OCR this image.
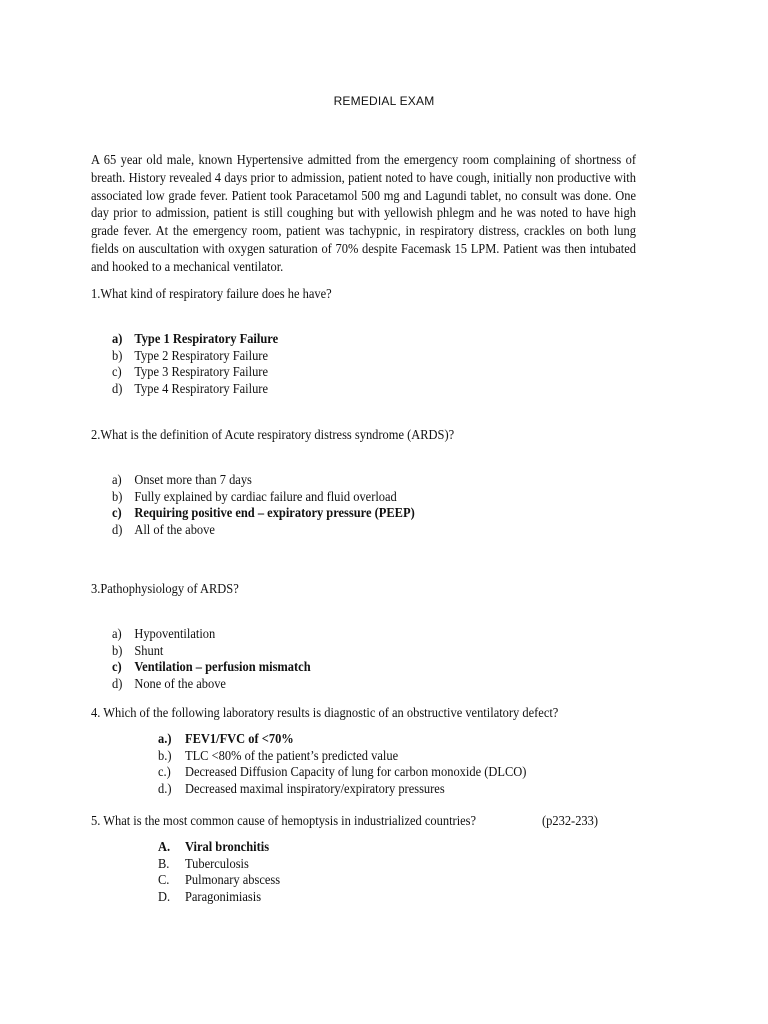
REMEDIAL EXAM
A 65 year old male, known Hypertensive admitted from the emergency room complaining of shortness of breath. History revealed 4 days prior to admission, patient noted to have cough, initially non productive with associated low grade fever. Patient took Paracetamol 500 mg and Lagundi tablet, no consult was done. One day prior to admission, patient is still coughing but with yellowish phlegm and he was noted to have high grade fever. At the emergency room, patient was tachypnic, in respiratory distress, crackles on both lung fields on auscultation with oxygen saturation of 70% despite Facemask 15 LPM. Patient was then intubated and hooked to a mechanical ventilator.
1.What kind of respiratory failure does he have?
a) Type 1 Respiratory Failure
b) Type 2 Respiratory Failure
c) Type 3 Respiratory Failure
d) Type 4 Respiratory Failure
2.What is the definition of Acute respiratory distress syndrome (ARDS)?
a) Onset more than 7 days
b) Fully explained by cardiac failure and fluid overload
c) Requiring positive end – expiratory pressure (PEEP)
d) All of the above
3.Pathophysiology of ARDS?
a) Hypoventilation
b) Shunt
c) Ventilation – perfusion mismatch
d) None of the above
4. Which of the following laboratory results is diagnostic of an obstructive ventilatory defect?
a.) FEV1/FVC of <70%
b.) TLC <80% of the patient’s predicted value
c.) Decreased Diffusion Capacity of lung for carbon monoxide (DLCO)
d.) Decreased maximal inspiratory/expiratory pressures
5. What is the most common cause of hemoptysis in industrialized countries?	(p232-233)
A. Viral bronchitis
B. Tuberculosis
C. Pulmonary abscess
D. Paragonimiasis
